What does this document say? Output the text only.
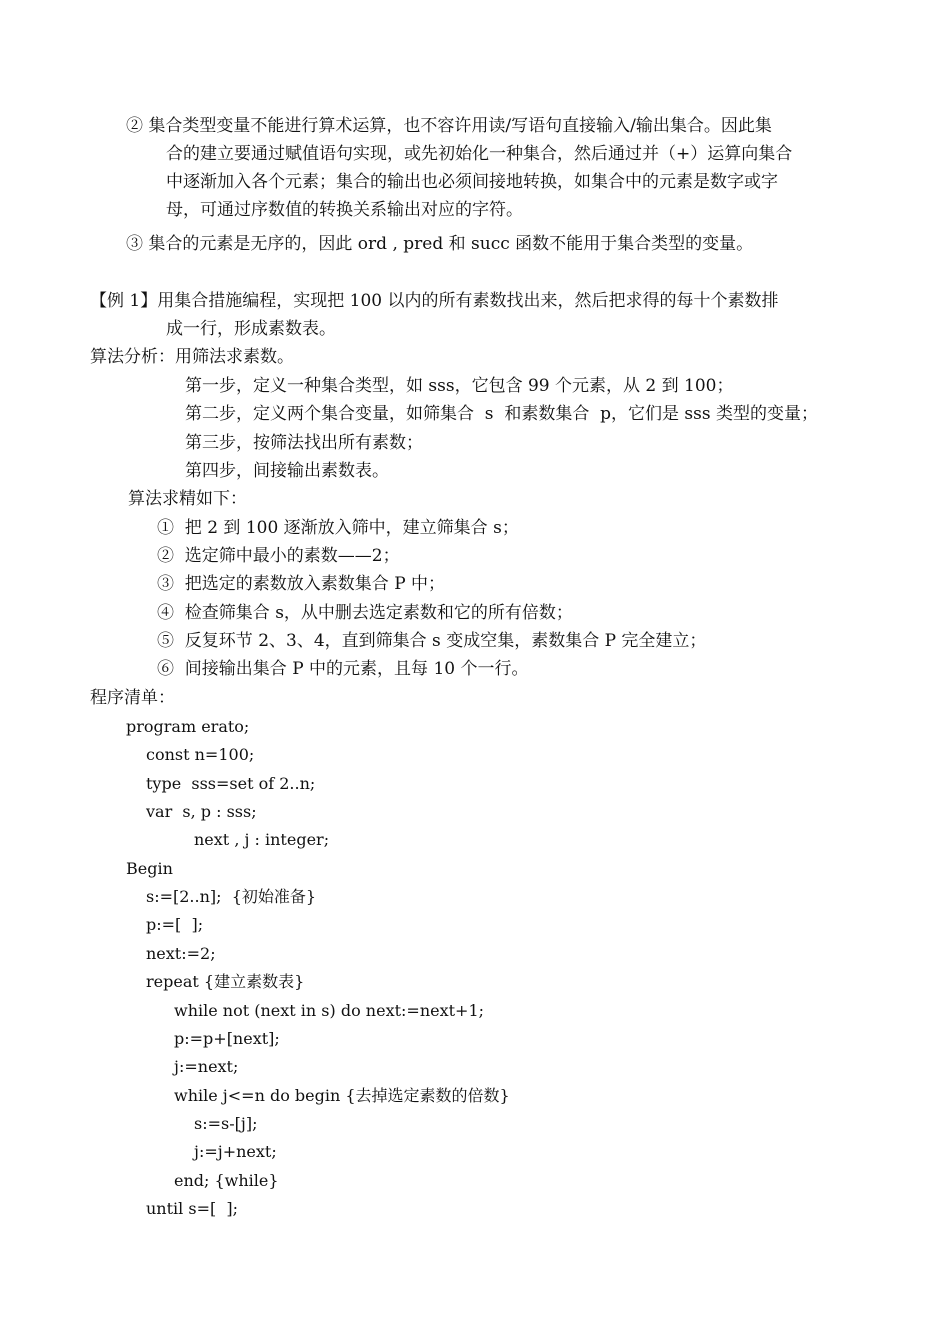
② 集合类型变量不能进行算术运算，也不容许用读/写语句直接输入/输出集合。因此集
合的建立要通过赋值语句实现，或先初始化一种集合，然后通过并（+）运算向集合
中逐渐加入各个元素；集合的输出也必须间接地转换，如集合中的元素是数字或字
母，可通过序数值的转换关系输出对应的字符。
③ 集合的元素是无序的，因此 ord , pred 和 succ 函数不能用于集合类型的变量。
【例 1】用集合措施编程，实现把 100 以内的所有素数找出来，然后把求得的每十个素数排
成一行，形成素数表。
算法分析：用筛法求素数。
第一步，定义一种集合类型，如 sss，它包含 99 个元素，从 2 到 100；
第二步，定义两个集合变量，如筛集合  s  和素数集合  p，它们是 sss 类型的变量；
第三步，按筛法找出所有素数；
第四步，间接输出素数表。
算法求精如下：
①  把 2 到 100 逐渐放入筛中，建立筛集合 s；
②  选定筛中最小的素数——2；
③  把选定的素数放入素数集合 P 中；
④  检查筛集合 s，从中删去选定素数和它的所有倍数；
⑤  反复环节 2、3、4，直到筛集合 s 变成空集，素数集合 P 完全建立；
⑥  间接输出集合 P 中的元素，且每 10 个一行。
程序清单：
program erato;
const n=100;
type  sss=set of 2..n;
var  s, p : sss;
next , j : integer;
Begin
s:=[2..n];  {初始准备}
p:=[  ];
next:=2;
repeat {建立素数表}
while not (next in s) do next:=next+1;
p:=p+[next];
j:=next;
while j<=n do begin {去掉选定素数的倍数}
s:=s-[j];
j:=j+next;
end; {while}
until s=[  ];
